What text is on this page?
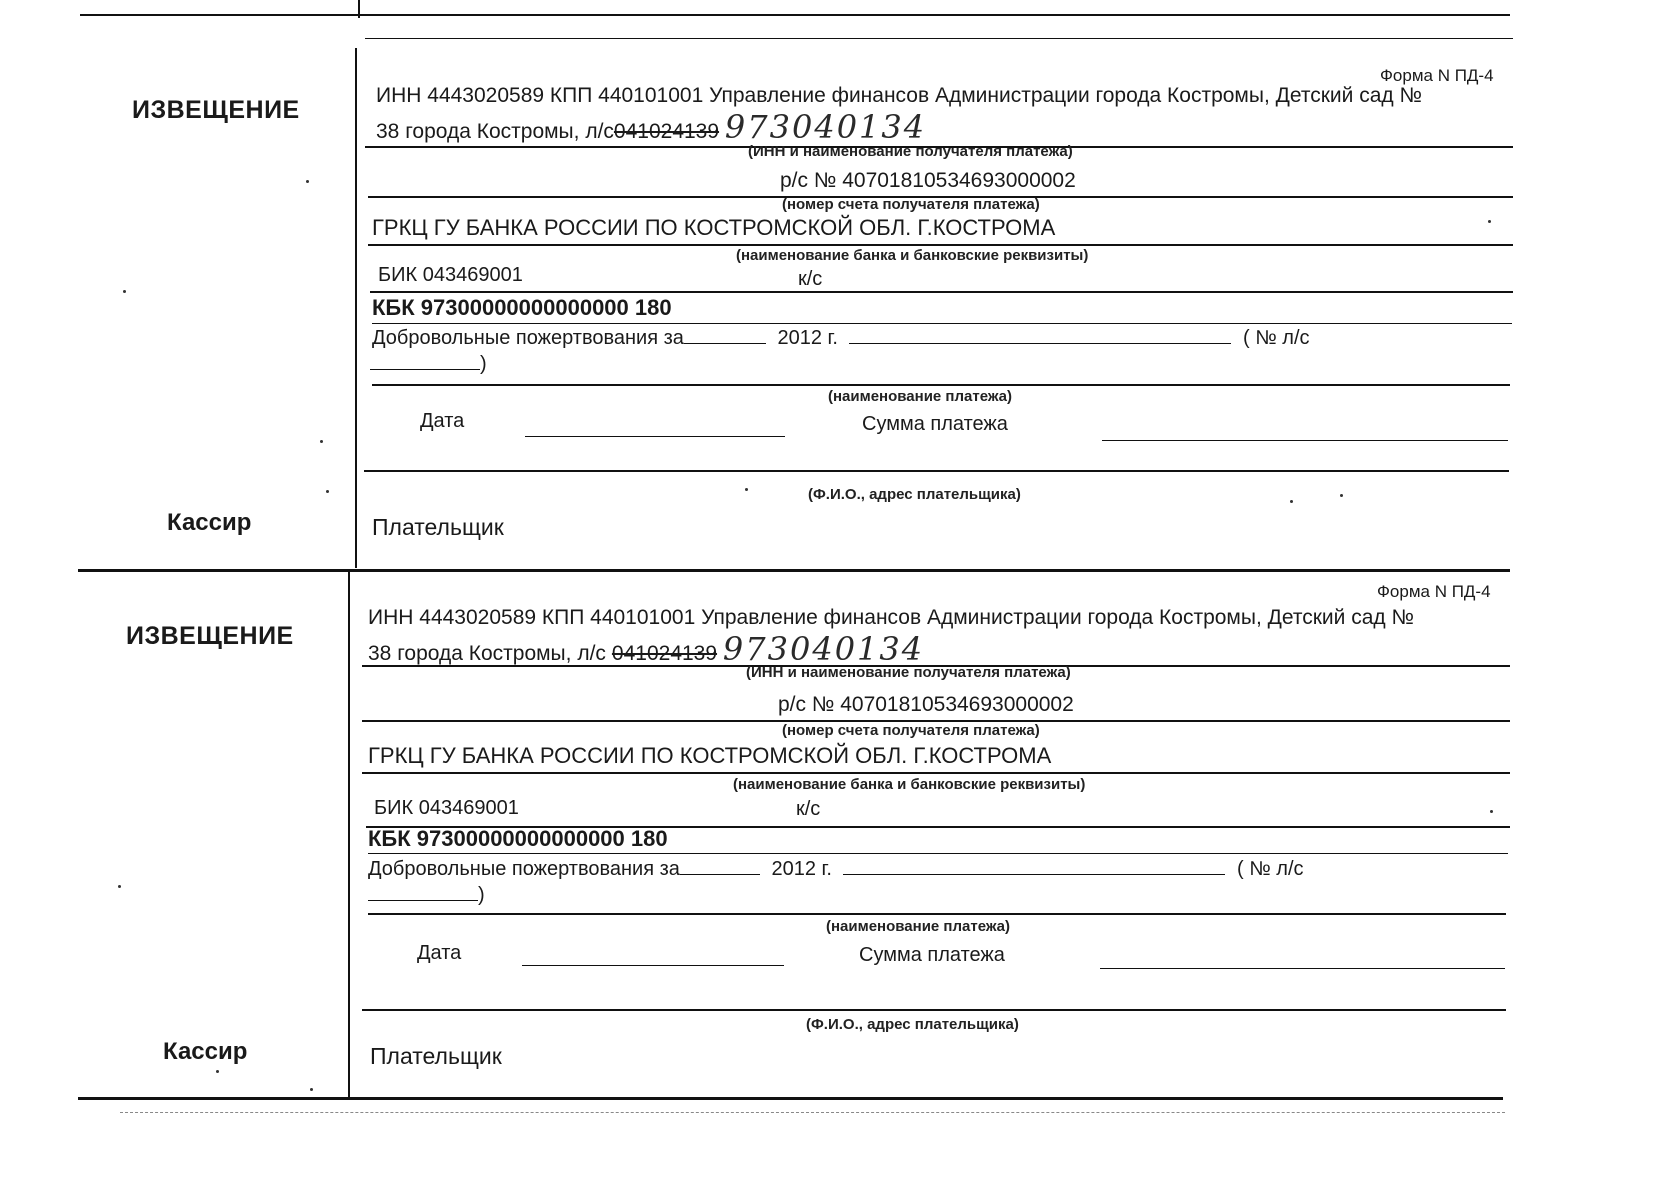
ИЗВЕЩЕНИЕ
Кассир
Форма N ПД-4
ИНН 4443020589 КПП 440101001 Управление финансов Администрации города Костромы, Детский сад №
38 города Костромы, л/с041024139 973040134
(ИНН и наименование получателя платежа)
р/с № 40701810534693000002
(номер счета получателя платежа)
ГРКЦ ГУ БАНКА РОССИИ ПО КОСТРОМСКОЙ ОБЛ. Г.КОСТРОМА
(наименование банка и банковские реквизиты)
БИК 043469001	к/с
КБК 97300000000000000 180
Добровольные пожертвования за	2012 г.	( № л/с
)
(наименование платежа)
Дата	Сумма платежа
(Ф.И.О., адрес плательщика)
Плательщик
ИЗВЕЩЕНИЕ
Кассир
Форма N ПД-4
ИНН 4443020589 КПП 440101001 Управление финансов Администрации города Костромы, Детский сад №
38 города Костромы, л/с 041024139 973040134
(ИНН и наименование получателя платежа)
р/с № 40701810534693000002
(номер счета получателя платежа)
ГРКЦ ГУ БАНКА РОССИИ ПО КОСТРОМСКОЙ ОБЛ. Г.КОСТРОМА
(наименование банка и банковские реквизиты)
БИК 043469001	к/с
КБК 97300000000000000 180
Добровольные пожертвования за	2012 г.	( № л/с
)
(наименование платежа)
Дата	Сумма платежа
(Ф.И.О., адрес плательщика)
Плательщик
